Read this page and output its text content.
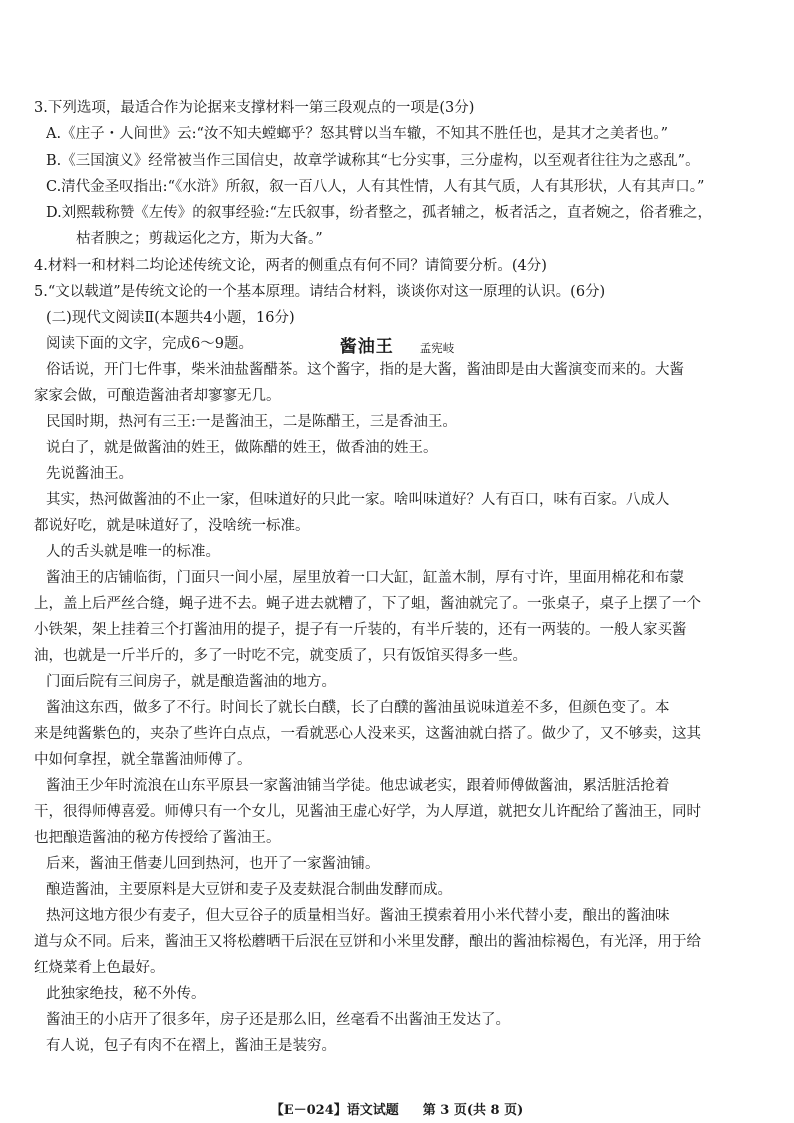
3.下列选项，最适合作为论据来支撑材料一第三段观点的一项是(3分)
A.《庄子・人间世》云:“汝不知夫螳螂乎？怒其臂以当车辙，不知其不胜任也，是其才之美者也。”
B.《三国演义》经常被当作三国信史，故章学诚称其“七分实事，三分虚构，以至观者往往为之惑乱”。
C.清代金圣叹指出:“《水浒》所叙，叙一百八人，人有其性情，人有其气质，人有其形状，人有其声口。”
D.刘熙载称赞《左传》的叙事经验:“左氏叙事，纷者整之，孤者辅之，板者活之，直者婉之，俗者雅之，
枯者腴之；剪裁运化之方，斯为大备。”
4.材料一和材料二均论述传统文论，两者的侧重点有何不同？请简要分析。(4分)
5.“文以载道”是传统文论的一个基本原理。请结合材料，谈谈你对这一原理的认识。(6分)
(二)现代文阅读Ⅱ(本题共4小题，16分)
阅读下面的文字，完成6～9题。	酱油王 孟宪岐
俗话说，开门七件事，柴米油盐酱醋茶。这个酱字，指的是大酱，酱油即是由大酱演变而来的。大酱
家家会做，可酿造酱油者却寥寥无几。
民国时期，热河有三王:一是酱油王，二是陈醋王，三是香油王。
说白了，就是做酱油的姓王，做陈醋的姓王，做香油的姓王。
先说酱油王。
其实，热河做酱油的不止一家，但味道好的只此一家。啥叫味道好？人有百口，味有百家。八成人
都说好吃，就是味道好了，没啥统一标准。
人的舌头就是唯一的标准。
酱油王的店铺临街，门面只一间小屋，屋里放着一口大缸，缸盖木制，厚有寸许，里面用棉花和布蒙
上，盖上后严丝合缝，蝇子进不去。蝇子进去就糟了，下了蛆，酱油就完了。一张桌子，桌子上摆了一个
小铁架，架上挂着三个打酱油用的提子，提子有一斤装的，有半斤装的，还有一两装的。一般人家买酱
油，也就是一斤半斤的，多了一时吃不完，就变质了，只有饭馆买得多一些。
门面后院有三间房子，就是酿造酱油的地方。
酱油这东西，做多了不行。时间长了就长白醭，长了白醭的酱油虽说味道差不多，但颜色变了。本
来是纯酱紫色的，夹杂了些许白点点，一看就恶心人没来买，这酱油就白搭了。做少了，又不够卖，这其
中如何拿捏，就全靠酱油师傅了。
酱油王少年时流浪在山东平原县一家酱油铺当学徒。他忠诚老实，跟着师傅做酱油，累活脏活抢着
干，很得师傅喜爱。师傅只有一个女儿，见酱油王虚心好学，为人厚道，就把女儿许配给了酱油王，同时
也把酿造酱油的秘方传授给了酱油王。
后来，酱油王偕妻儿回到热河，也开了一家酱油铺。
酿造酱油，主要原料是大豆饼和麦子及麦麸混合制曲发酵而成。
热河这地方很少有麦子，但大豆谷子的质量相当好。酱油王摸索着用小米代替小麦，酿出的酱油味
道与众不同。后来，酱油王又将松蘑晒干后泯在豆饼和小米里发酵，酿出的酱油棕褐色，有光泽，用于给
红烧菜肴上色最好。
此独家绝技，秘不外传。
酱油王的小店开了很多年，房子还是那么旧，丝毫看不出酱油王发达了。
有人说，包子有肉不在褶上，酱油王是装穷。
【E－024】语文试题 第 3 页(共 8 页)
